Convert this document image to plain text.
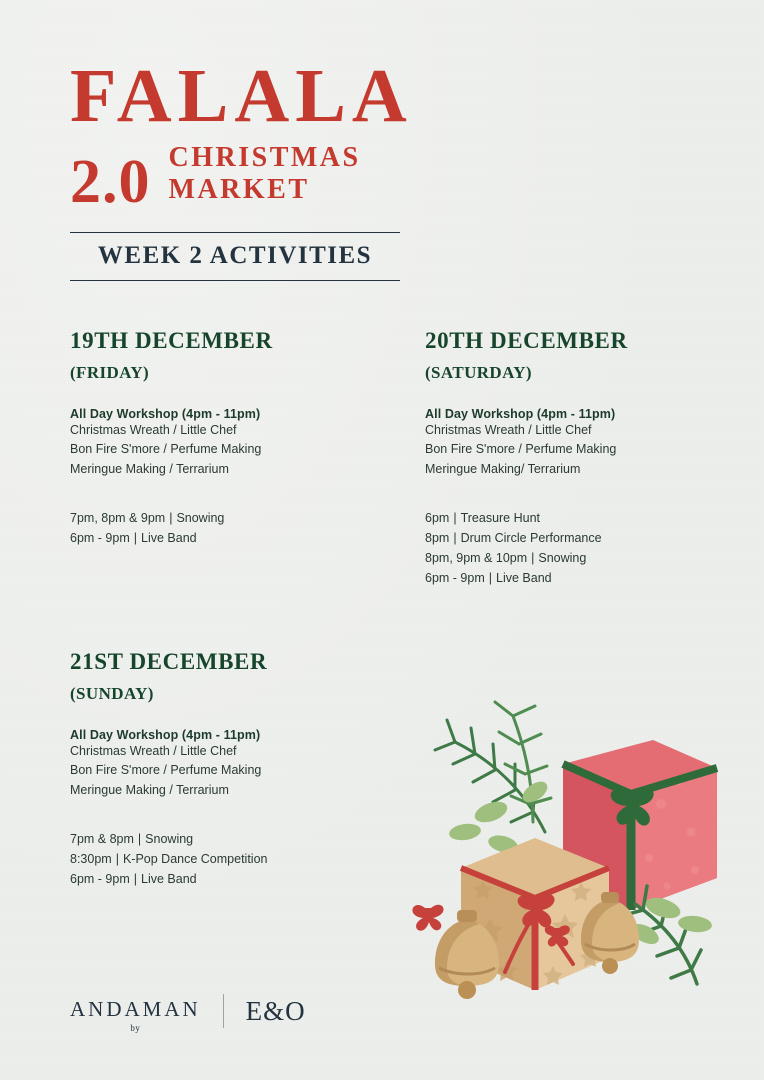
FALALA
2.0 CHRISTMAS
MARKET
WEEK 2 ACTIVITIES
19TH DECEMBER
(FRIDAY)
All Day Workshop (4pm - 11pm)
Christmas Wreath / Little Chef
Bon Fire S'more / Perfume Making
Meringue Making / Terrarium
7pm, 8pm & 9pm | Snowing
6pm - 9pm | Live Band
20TH DECEMBER
(SATURDAY)
All Day Workshop (4pm - 11pm)
Christmas Wreath / Little Chef
Bon Fire S'more / Perfume Making
Meringue Making/ Terrarium
6pm | Treasure Hunt
8pm | Drum Circle Performance
8pm, 9pm & 10pm | Snowing
6pm - 9pm | Live Band
21ST DECEMBER
(SUNDAY)
All Day Workshop (4pm - 11pm)
Christmas Wreath / Little Chef
Bon Fire S'more / Perfume Making
Meringue Making / Terrarium
7pm & 8pm | Snowing
8:30pm | K-Pop Dance Competition
6pm - 9pm | Live Band
ANDAMAN
by
E&O
